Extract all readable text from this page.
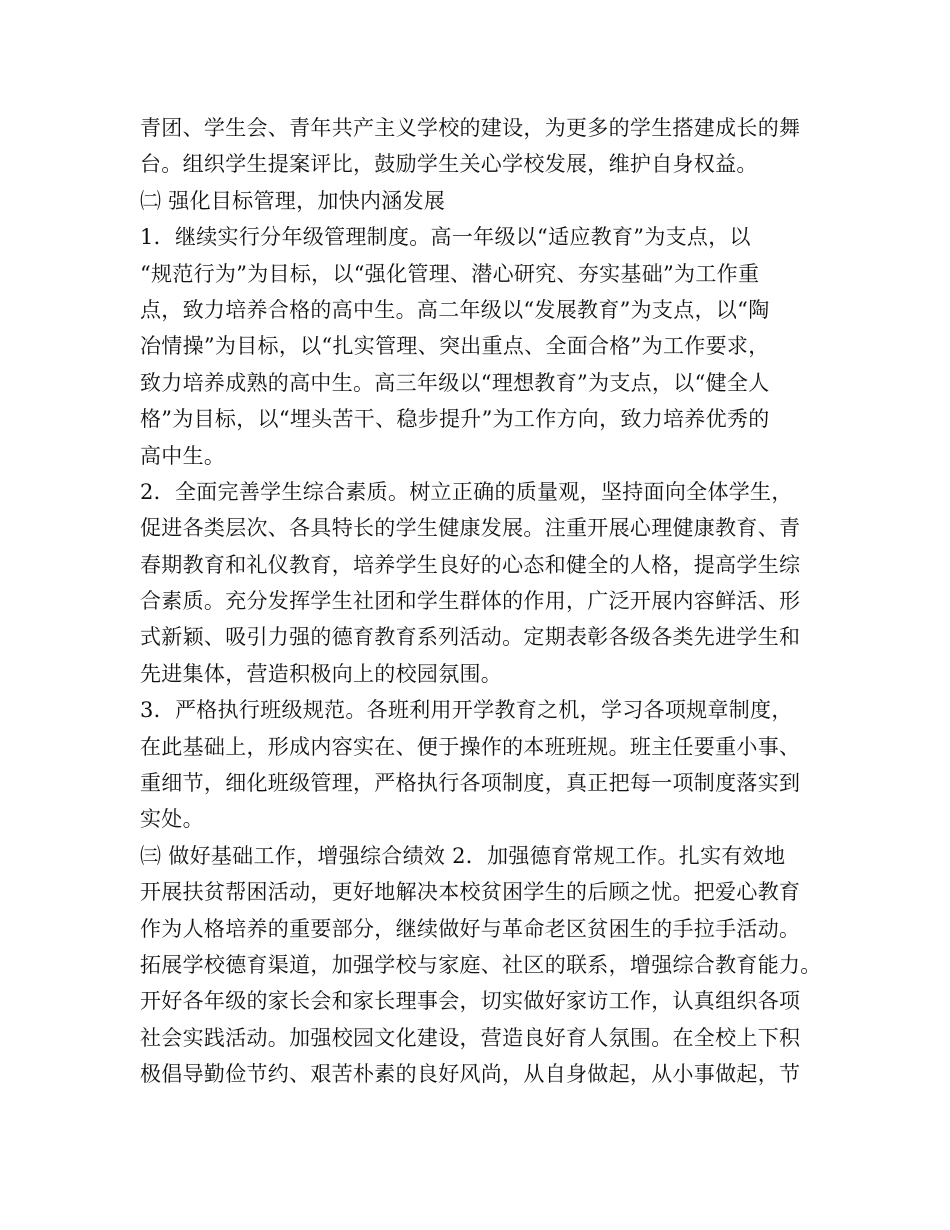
青团、学生会、青年共产主义学校的建设，为更多的学生搭建成长的舞
台。组织学生提案评比，鼓励学生关心学校发展，维护自身权益。
㈡ 强化目标管理，加快内涵发展
1．继续实行分年级管理制度。高一年级以“适应教育”为支点，以
“规范行为”为目标，以“强化管理、潜心研究、夯实基础”为工作重
点，致力培养合格的高中生。高二年级以“发展教育”为支点，以“陶
冶情操”为目标，以“扎实管理、突出重点、全面合格”为工作要求，
致力培养成熟的高中生。高三年级以“理想教育”为支点，以“健全人
格”为目标，以“埋头苦干、稳步提升”为工作方向，致力培养优秀的
高中生。
2．全面完善学生综合素质。树立正确的质量观，坚持面向全体学生，
促进各类层次、各具特长的学生健康发展。注重开展心理健康教育、青
春期教育和礼仪教育，培养学生良好的心态和健全的人格，提高学生综
合素质。充分发挥学生社团和学生群体的作用，广泛开展内容鲜活、形
式新颖、吸引力强的德育教育系列活动。定期表彰各级各类先进学生和
先进集体，营造积极向上的校园氛围。
3．严格执行班级规范。各班利用开学教育之机，学习各项规章制度，
在此基础上，形成内容实在、便于操作的本班班规。班主任要重小事、
重细节，细化班级管理，严格执行各项制度，真正把每一项制度落实到
实处。
㈢ 做好基础工作，增强综合绩效 2．加强德育常规工作。扎实有效地
开展扶贫帮困活动，更好地解决本校贫困学生的后顾之忧。把爱心教育
作为人格培养的重要部分，继续做好与革命老区贫困生的手拉手活动。
拓展学校德育渠道，加强学校与家庭、社区的联系，增强综合教育能力。
开好各年级的家长会和家长理事会，切实做好家访工作，认真组织各项
社会实践活动。加强校园文化建设，营造良好育人氛围。在全校上下积
极倡导勤俭节约、艰苦朴素的良好风尚，从自身做起，从小事做起，节
